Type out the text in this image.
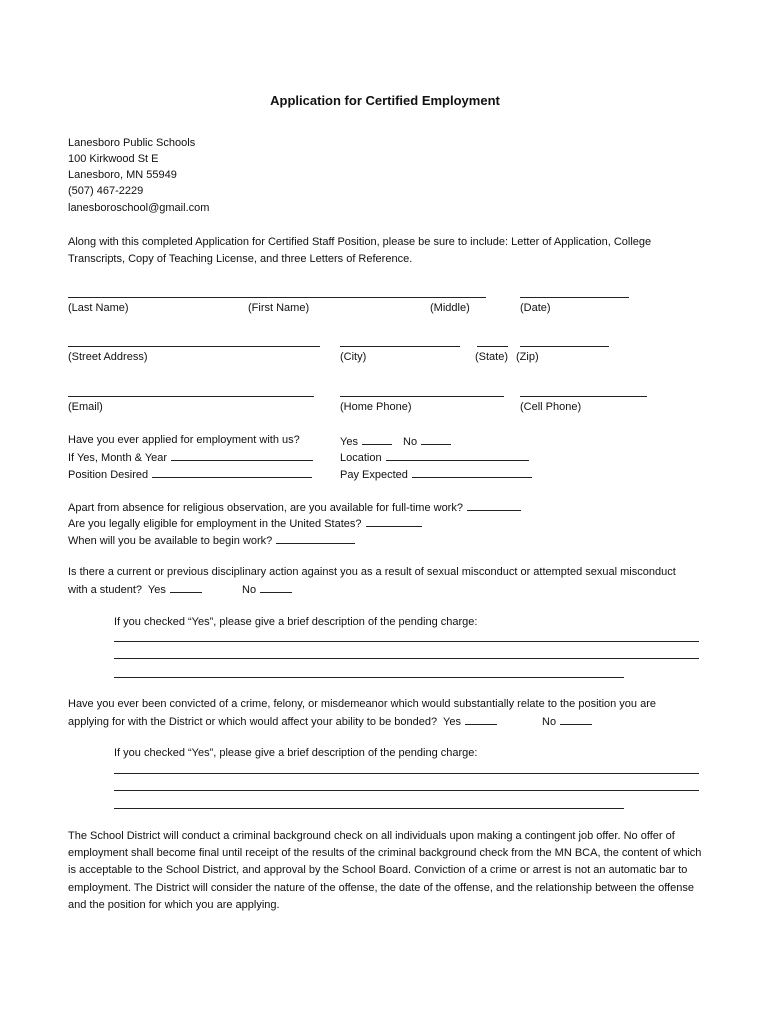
Application for Certified Employment
Lanesboro Public Schools
100 Kirkwood St E
Lanesboro, MN 55949
(507) 467-2229
lanesboroschool@gmail.com
Along with this completed Application for Certified Staff Position, please be sure to include: Letter of Application, College Transcripts, Copy of Teaching License, and three Letters of Reference.
(Last Name)	(First Name)	(Middle)	(Date)
(Street Address)	(City)	(State) (Zip)
(Email)	(Home Phone)	(Cell Phone)
Have you ever applied for employment with us?	Yes	No
If Yes, Month & Year	Location
Position Desired	Pay Expected
Apart from absence for religious observation, are you available for full-time work?
Are you legally eligible for employment in the United States?
When will you be available to begin work?
Is there a current or previous disciplinary action against you as a result of sexual misconduct or attempted sexual misconduct
with a student?  Yes	No
If you checked “Yes”, please give a brief description of the pending charge:
Have you ever been convicted of a crime, felony, or misdemeanor which would substantially relate to the position you are
applying for with the District or which would affect your ability to be bonded?  Yes	No
If you checked “Yes”, please give a brief description of the pending charge:
The School District will conduct a criminal background check on all individuals upon making a contingent job offer. No offer of employment shall become final until receipt of the results of the criminal background check from the MN BCA, the content of which is acceptable to the School District, and approval by the School Board. Conviction of a crime or arrest is not an automatic bar to employment. The District will consider the nature of the offense, the date of the offense, and the relationship between the offense and the position for which you are applying.
